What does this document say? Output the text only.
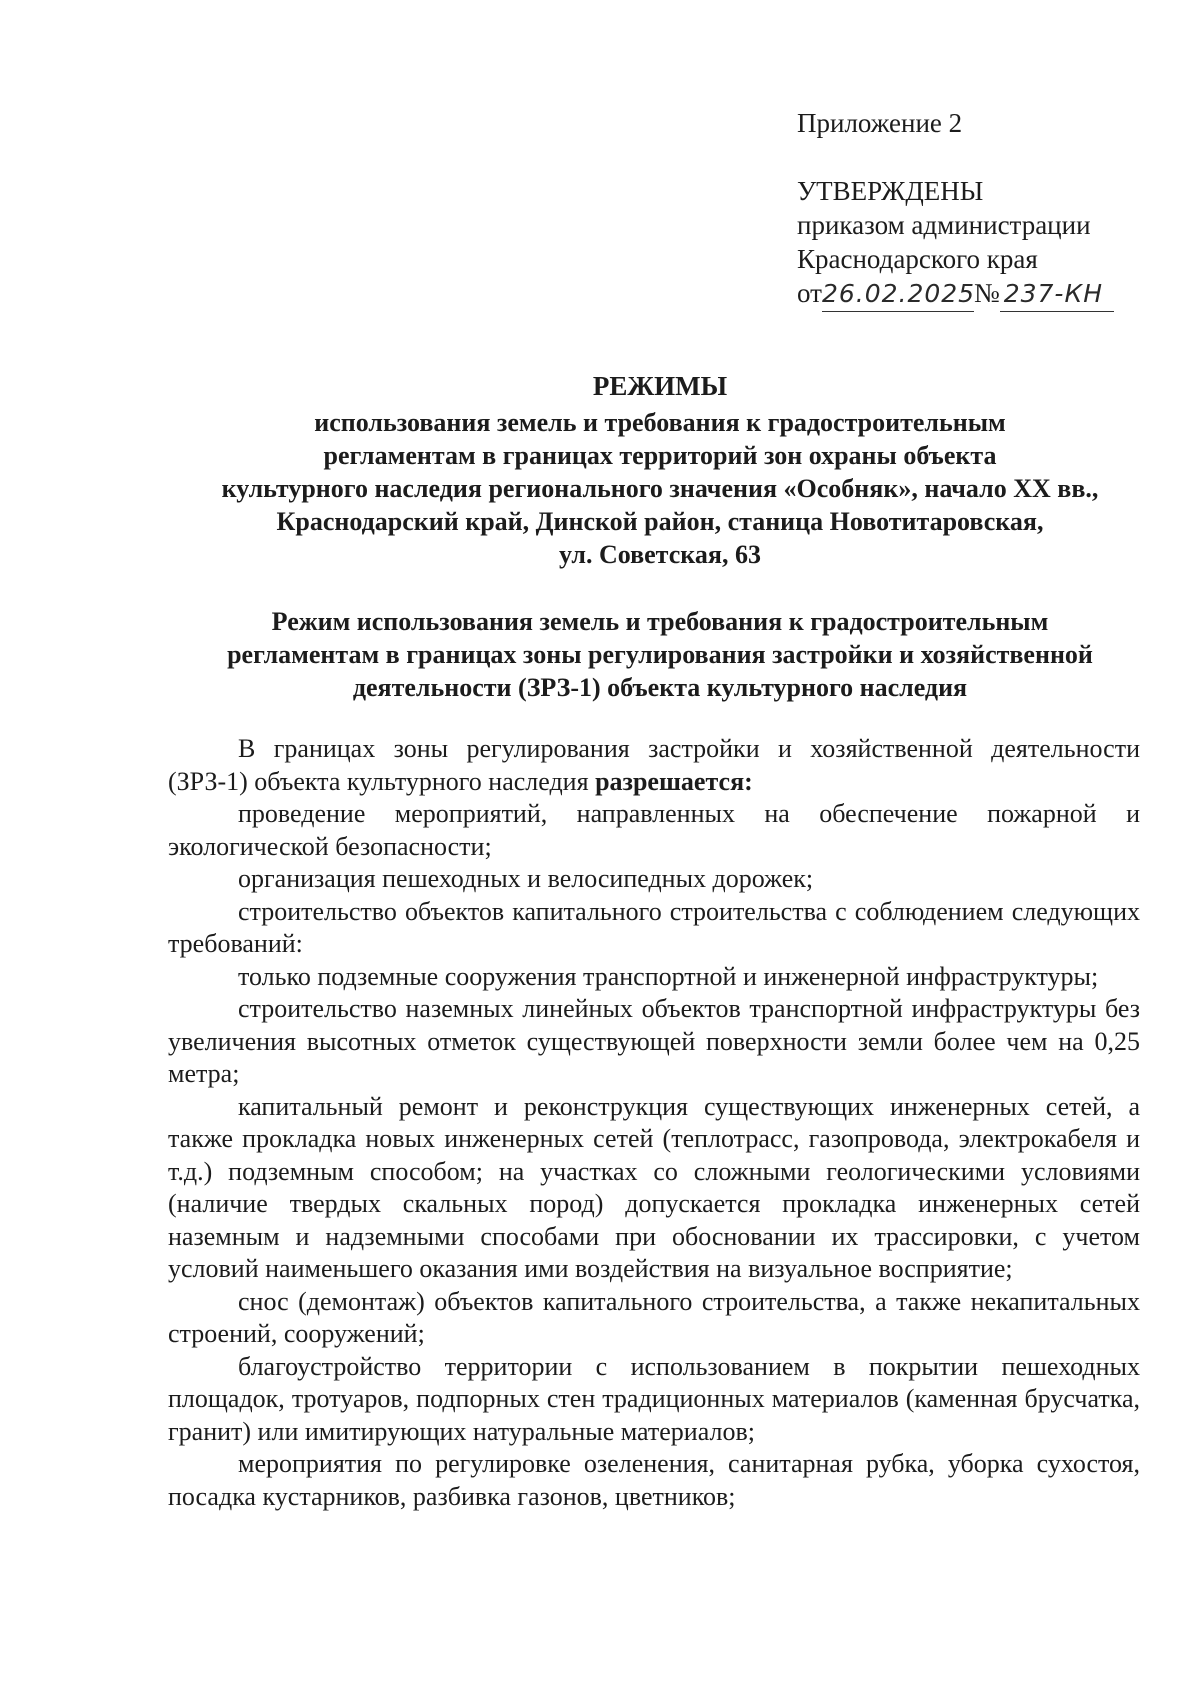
Приложение 2
УТВЕРЖДЕНЫ
приказом администрации
Краснодарского края
от26.02.2025№ 237-КН
РЕЖИМЫ
использования земель и требования к градостроительным
регламентам в границах территорий зон охраны объекта
культурного наследия регионального значения «Особняк», начало XX вв.,
Краснодарский край, Динской район, станица Новотитаровская,
ул. Советская, 63
Режим использования земель и требования к градостроительным
регламентам в границах зоны регулирования застройки и хозяйственной
деятельности (ЗРЗ-1) объекта культурного наследия

В границах зоны регулирования застройки и хозяйственной деятельности (ЗРЗ-1) объекта культурного наследия разрешается:

проведение мероприятий, направленных на обеспечение пожарной и экологической безопасности;

организация пешеходных и велосипедных дорожек;

строительство объектов капитального строительства с соблюдением следующих требований:

только подземные сооружения транспортной и инженерной инфраструктуры;

строительство наземных линейных объектов транспортной инфраструктуры без увеличения высотных отметок существующей поверхности земли более чем на 0,25 метра;

капитальный ремонт и реконструкция существующих инженерных сетей, а также прокладка новых инженерных сетей (теплотрасс, газопровода, электрокабеля и т.д.) подземным способом; на участках со сложными геологическими условиями (наличие твердых скальных пород) допускается прокладка инженерных сетей наземным и надземными способами при обосновании их трассировки, с учетом условий наименьшего оказания ими воздействия на визуальное восприятие;

снос (демонтаж) объектов капитального строительства, а также некапитальных строений, сооружений;

благоустройство территории с использованием в покрытии пешеходных площадок, тротуаров, подпорных стен традиционных материалов (каменная брусчатка, гранит) или имитирующих натуральные материалов;

мероприятия по регулировке озеленения, санитарная рубка, уборка сухостоя, посадка кустарников, разбивка газонов, цветников;
